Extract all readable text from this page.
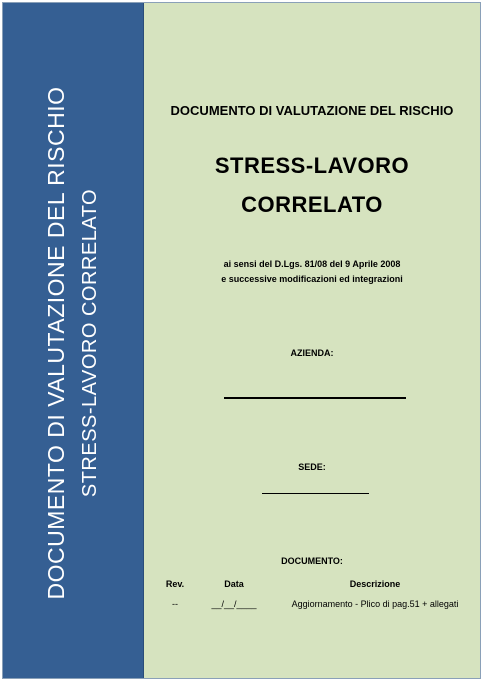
DOCUMENTO DI VALUTAZIONE DEL RISCHIO STRESS-LAVORO CORRELATO
DOCUMENTO DI VALUTAZIONE DEL RISCHIO
STRESS-LAVORO
CORRELATO
ai sensi del D.Lgs. 81/08 del 9 Aprile 2008
e successive modificazioni ed integrazioni
AZIENDA:
SEDE:
DOCUMENTO:
Rev.	Data	Descrizione
--	__/__/____	Aggiornamento - Plico di pag.51 + allegati
